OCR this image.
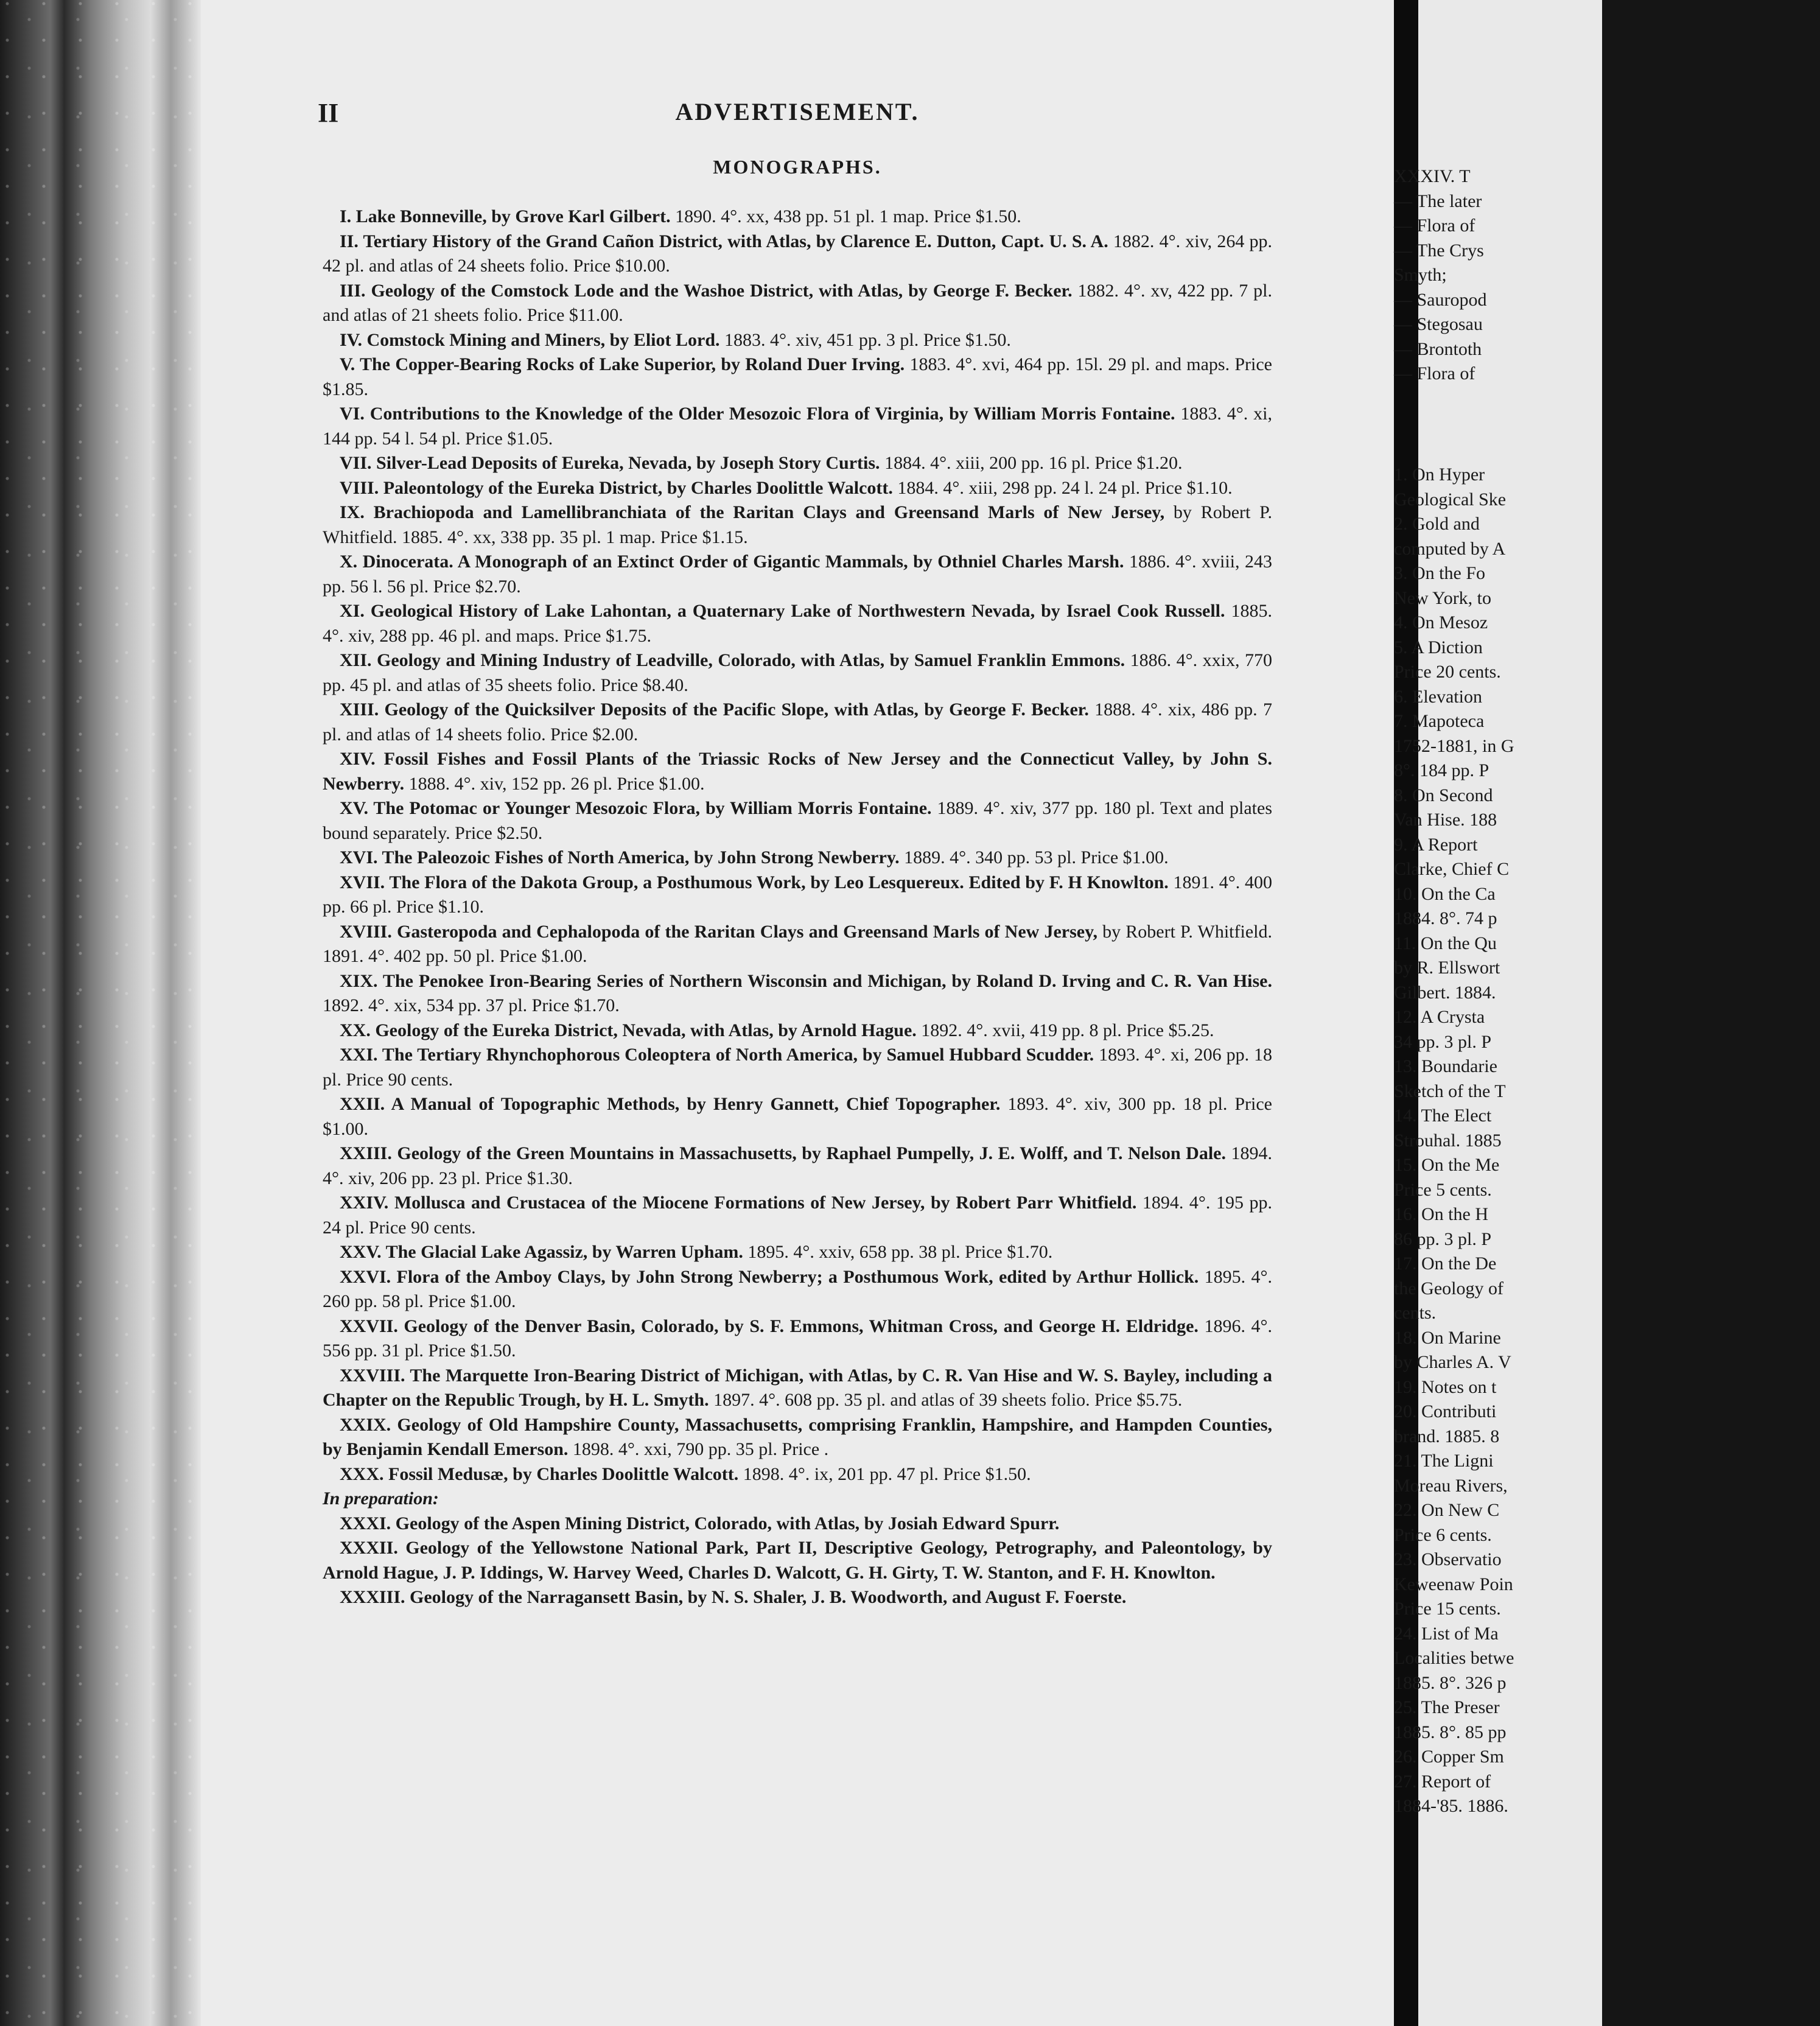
II	ADVERTISEMENT.
MONOGRAPHS.

I. Lake Bonneville, by Grove Karl Gilbert. 1890. 4°. xx, 438 pp. 51 pl. 1 map. Price $1.50.

II. Tertiary History of the Grand Cañon District, with Atlas, by Clarence E. Dutton, Capt. U. S. A. 1882. 4°. xiv, 264 pp. 42 pl. and atlas of 24 sheets folio. Price $10.00.

III. Geology of the Comstock Lode and the Washoe District, with Atlas, by George F. Becker. 1882. 4°. xv, 422 pp. 7 pl. and atlas of 21 sheets folio. Price $11.00.

IV. Comstock Mining and Miners, by Eliot Lord. 1883. 4°. xiv, 451 pp. 3 pl. Price $1.50.

V. The Copper-Bearing Rocks of Lake Superior, by Roland Duer Irving. 1883. 4°. xvi, 464 pp. 15l. 29 pl. and maps. Price $1.85.

VI. Contributions to the Knowledge of the Older Mesozoic Flora of Virginia, by William Morris Fontaine. 1883. 4°. xi, 144 pp. 54 l. 54 pl. Price $1.05.

VII. Silver-Lead Deposits of Eureka, Nevada, by Joseph Story Curtis. 1884. 4°. xiii, 200 pp. 16 pl. Price $1.20.

VIII. Paleontology of the Eureka District, by Charles Doolittle Walcott. 1884. 4°. xiii, 298 pp. 24 l. 24 pl. Price $1.10.

IX. Brachiopoda and Lamellibranchiata of the Raritan Clays and Greensand Marls of New Jersey, by Robert P. Whitfield. 1885. 4°. xx, 338 pp. 35 pl. 1 map. Price $1.15.

X. Dinocerata. A Monograph of an Extinct Order of Gigantic Mammals, by Othniel Charles Marsh. 1886. 4°. xviii, 243 pp. 56 l. 56 pl. Price $2.70.

XI. Geological History of Lake Lahontan, a Quaternary Lake of Northwestern Nevada, by Israel Cook Russell. 1885. 4°. xiv, 288 pp. 46 pl. and maps. Price $1.75.

XII. Geology and Mining Industry of Leadville, Colorado, with Atlas, by Samuel Franklin Emmons. 1886. 4°. xxix, 770 pp. 45 pl. and atlas of 35 sheets folio. Price $8.40.

XIII. Geology of the Quicksilver Deposits of the Pacific Slope, with Atlas, by George F. Becker. 1888. 4°. xix, 486 pp. 7 pl. and atlas of 14 sheets folio. Price $2.00.

XIV. Fossil Fishes and Fossil Plants of the Triassic Rocks of New Jersey and the Connecticut Valley, by John S. Newberry. 1888. 4°. xiv, 152 pp. 26 pl. Price $1.00.

XV. The Potomac or Younger Mesozoic Flora, by William Morris Fontaine. 1889. 4°. xiv, 377 pp. 180 pl. Text and plates bound separately. Price $2.50.

XVI. The Paleozoic Fishes of North America, by John Strong Newberry. 1889. 4°. 340 pp. 53 pl. Price $1.00.

XVII. The Flora of the Dakota Group, a Posthumous Work, by Leo Lesquereux. Edited by F. H Knowlton. 1891. 4°. 400 pp. 66 pl. Price $1.10.

XVIII. Gasteropoda and Cephalopoda of the Raritan Clays and Greensand Marls of New Jersey, by Robert P. Whitfield. 1891. 4°. 402 pp. 50 pl. Price $1.00.

XIX. The Penokee Iron-Bearing Series of Northern Wisconsin and Michigan, by Roland D. Irving and C. R. Van Hise. 1892. 4°. xix, 534 pp. 37 pl. Price $1.70.

XX. Geology of the Eureka District, Nevada, with Atlas, by Arnold Hague. 1892. 4°. xvii, 419 pp. 8 pl. Price $5.25.

XXI. The Tertiary Rhynchophorous Coleoptera of North America, by Samuel Hubbard Scudder. 1893. 4°. xi, 206 pp. 18 pl. Price 90 cents.

XXII. A Manual of Topographic Methods, by Henry Gannett, Chief Topographer. 1893. 4°. xiv, 300 pp. 18 pl. Price $1.00.

XXIII. Geology of the Green Mountains in Massachusetts, by Raphael Pumpelly, J. E. Wolff, and T. Nelson Dale. 1894. 4°. xiv, 206 pp. 23 pl. Price $1.30.

XXIV. Mollusca and Crustacea of the Miocene Formations of New Jersey, by Robert Parr Whitfield. 1894. 4°. 195 pp. 24 pl. Price 90 cents.

XXV. The Glacial Lake Agassiz, by Warren Upham. 1895. 4°. xxiv, 658 pp. 38 pl. Price $1.70.

XXVI. Flora of the Amboy Clays, by John Strong Newberry; a Posthumous Work, edited by Arthur Hollick. 1895. 4°. 260 pp. 58 pl. Price $1.00.

XXVII. Geology of the Denver Basin, Colorado, by S. F. Emmons, Whitman Cross, and George H. Eldridge. 1896. 4°. 556 pp. 31 pl. Price $1.50.

XXVIII. The Marquette Iron-Bearing District of Michigan, with Atlas, by C. R. Van Hise and W. S. Bayley, including a Chapter on the Republic Trough, by H. L. Smyth. 1897. 4°. 608 pp. 35 pl. and atlas of 39 sheets folio. Price $5.75.

XXIX. Geology of Old Hampshire County, Massachusetts, comprising Franklin, Hampshire, and Hampden Counties, by Benjamin Kendall Emerson. 1898. 4°. xxi, 790 pp. 35 pl. Price .

XXX. Fossil Medusæ, by Charles Doolittle Walcott. 1898. 4°. ix, 201 pp. 47 pl. Price $1.50.

In preparation:

XXXI. Geology of the Aspen Mining District, Colorado, with Atlas, by Josiah Edward Spurr.

XXXII. Geology of the Yellowstone National Park, Part II, Descriptive Geology, Petrography, and Paleontology, by Arnold Hague, J. P. Iddings, W. Harvey Weed, Charles D. Walcott, G. H. Girty, T. W. Stanton, and F. H. Knowlton.

XXXIII. Geology of the Narragansett Basin, by N. S. Shaler, J. B. Woodworth, and August F. Foerste.

XXXIV. T

— The later

— Flora of

— The Crys

Smyth;

— Sauropod

— Stegosau

— Brontoth

— Flora of

1. On Hyper

Geological Ske

2. Gold and

computed by A

3. On the Fo

New York, to

4. On Mesoz

5. A Diction

Price 20 cents.

6. Elevation

7. Mapoteca

1752-1881, in G

8°. 184 pp. P

8. On Second

Van Hise. 188

9. A Report

Clarke, Chief C

10. On the Ca

1884. 8°. 74 p

11. On the Qu

by R. Ellswort

Gilbert. 1884.

12. A Crysta

34 pp. 3 pl. P

13. Boundarie

Sketch of the T

14. The Elect

Strouhal. 1885

15. On the Me

Price 5 cents.

16. On the H

86 pp. 3 pl. P

17. On the De

the Geology of

cents.

18. On Marine

by Charles A. V

19. Notes on t

20. Contributi

brand. 1885. 8

21. The Ligni

Moreau Rivers,

22. On New C

Price 6 cents.

23. Observatio

Keweenaw Poin

Price 15 cents.

24. List of Ma

Localities betwe

1885. 8°. 326 p

25. The Preser

1885. 8°. 85 pp

26. Copper Sm

27. Report of

1884-'85. 1886.
